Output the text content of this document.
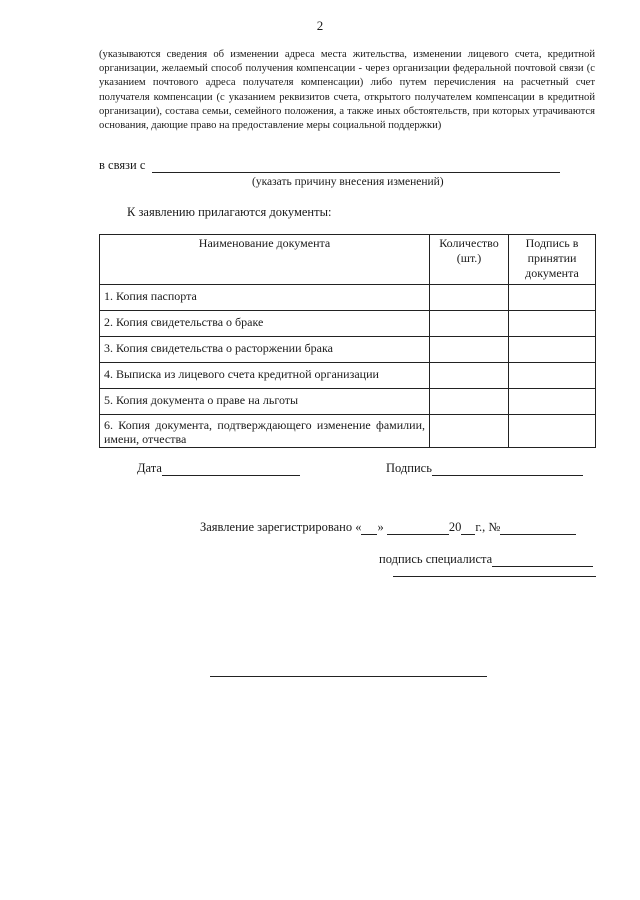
2
(указываются сведения об изменении адреса места жительства, изменении лицевого счета, кредитной организации, желаемый способ получения компенсации - через организации федеральной почтовой связи (с указанием почтового адреса получателя компенсации) либо путем перечисления на расчетный счет получателя компенсации (с указанием реквизитов счета, открытого получателем компенсации в кредитной организации), состава семьи, семейного положения, а также иных обстоятельств, при которых утрачиваются основания, дающие право на предоставление меры социальной поддержки)
в связи с
(указать причину внесения изменений)
К заявлению прилагаются документы:
Наименование документа	Количество (шт.)	Подпись в принятии документа
1. Копия паспорта		
2. Копия свидетельства о браке		
3. Копия свидетельства о расторжении брака		
4. Выписка из лицевого счета кредитной организации		
5. Копия документа о праве на льготы		
6. Копия документа, подтверждающего изменение фамилии, имени, отчества		
Дата	Подпись
Заявление зарегистрировано « »	20 г., №
подпись специалиста
